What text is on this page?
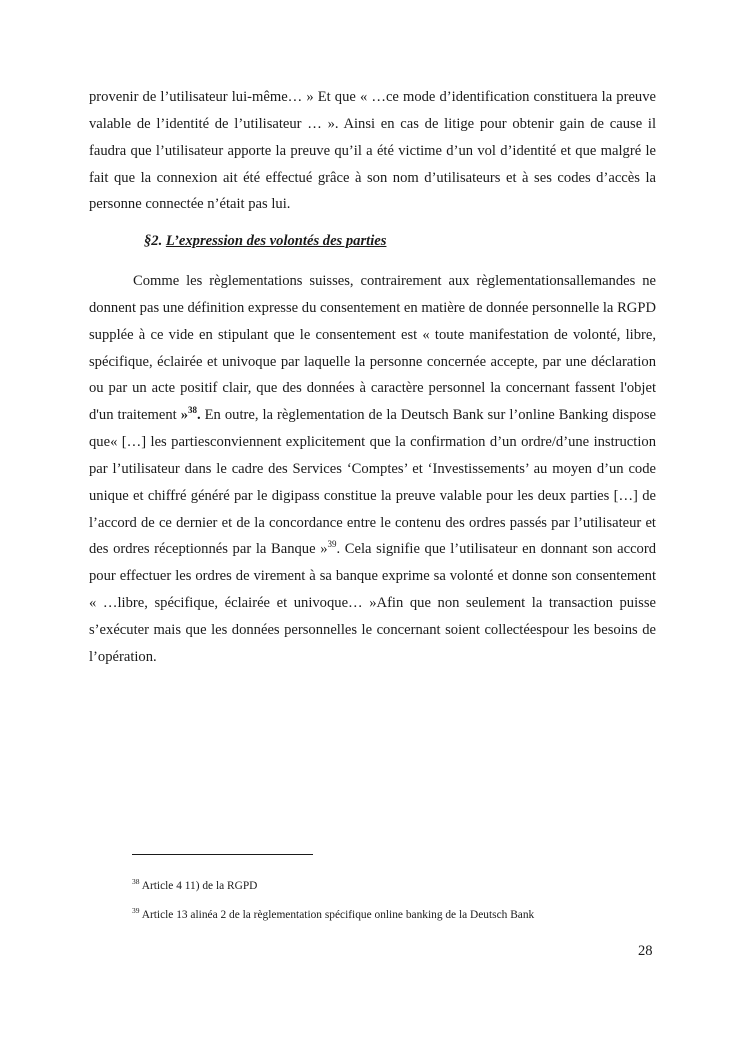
provenir de l’utilisateur lui-même… » Et que « …ce mode d’identification constituera la preuve valable de l’identité de l’utilisateur … ». Ainsi en cas de litige pour obtenir gain de cause il faudra que l’utilisateur apporte la preuve qu’il a été victime d’un vol d’identité et que malgré le fait que la connexion ait été effectué grâce à son nom d’utilisateurs et à ses codes d’accès la personne connectée n’était pas lui.

§2. L’expression des volontés des parties

Comme les règlementations suisses, contrairement aux règlementationsallemandes ne donnent pas une définition expresse du consentement en matière de donnée personnelle la RGPD supplée à ce vide en stipulant que le consentement est « toute manifestation de volonté, libre, spécifique, éclairée et univoque par laquelle la personne concernée accepte, par une déclaration ou par un acte positif clair, que des données à caractère personnel la concernant fassent l'objet d'un traitement »$^{38}$. En outre, la règlementation de la Deutsch Bank sur l’online Banking dispose que« […] les partiesconviennent explicitement que la confirmation d’un ordre/d’une instruction par l’utilisateur dans le cadre des Services ‘Comptes’ et ‘Investissements’ au moyen d’un code unique et chiffré généré par le digipass constitue la preuve valable pour les deux parties […] de l’accord de ce dernier et de la concordance entre le contenu des ordres passés par l’utilisateur et des ordres réceptionnés par la Banque »$^{39}$. Cela signifie que l’utilisateur en donnant son accord pour effectuer les ordres de virement à sa banque exprime sa volonté et donne son consentement « …libre, spécifique, éclairée et univoque… »Afin que non seulement la transaction puisse s’exécuter mais que les données personnelles le concernant soient collectéespour les besoins de l’opération.

$^{38}$ Article 4 11) de la RGPD
$^{39}$ Article 13 alinéa 2 de la règlementation spécifique online banking de la Deutsch Bank
28
